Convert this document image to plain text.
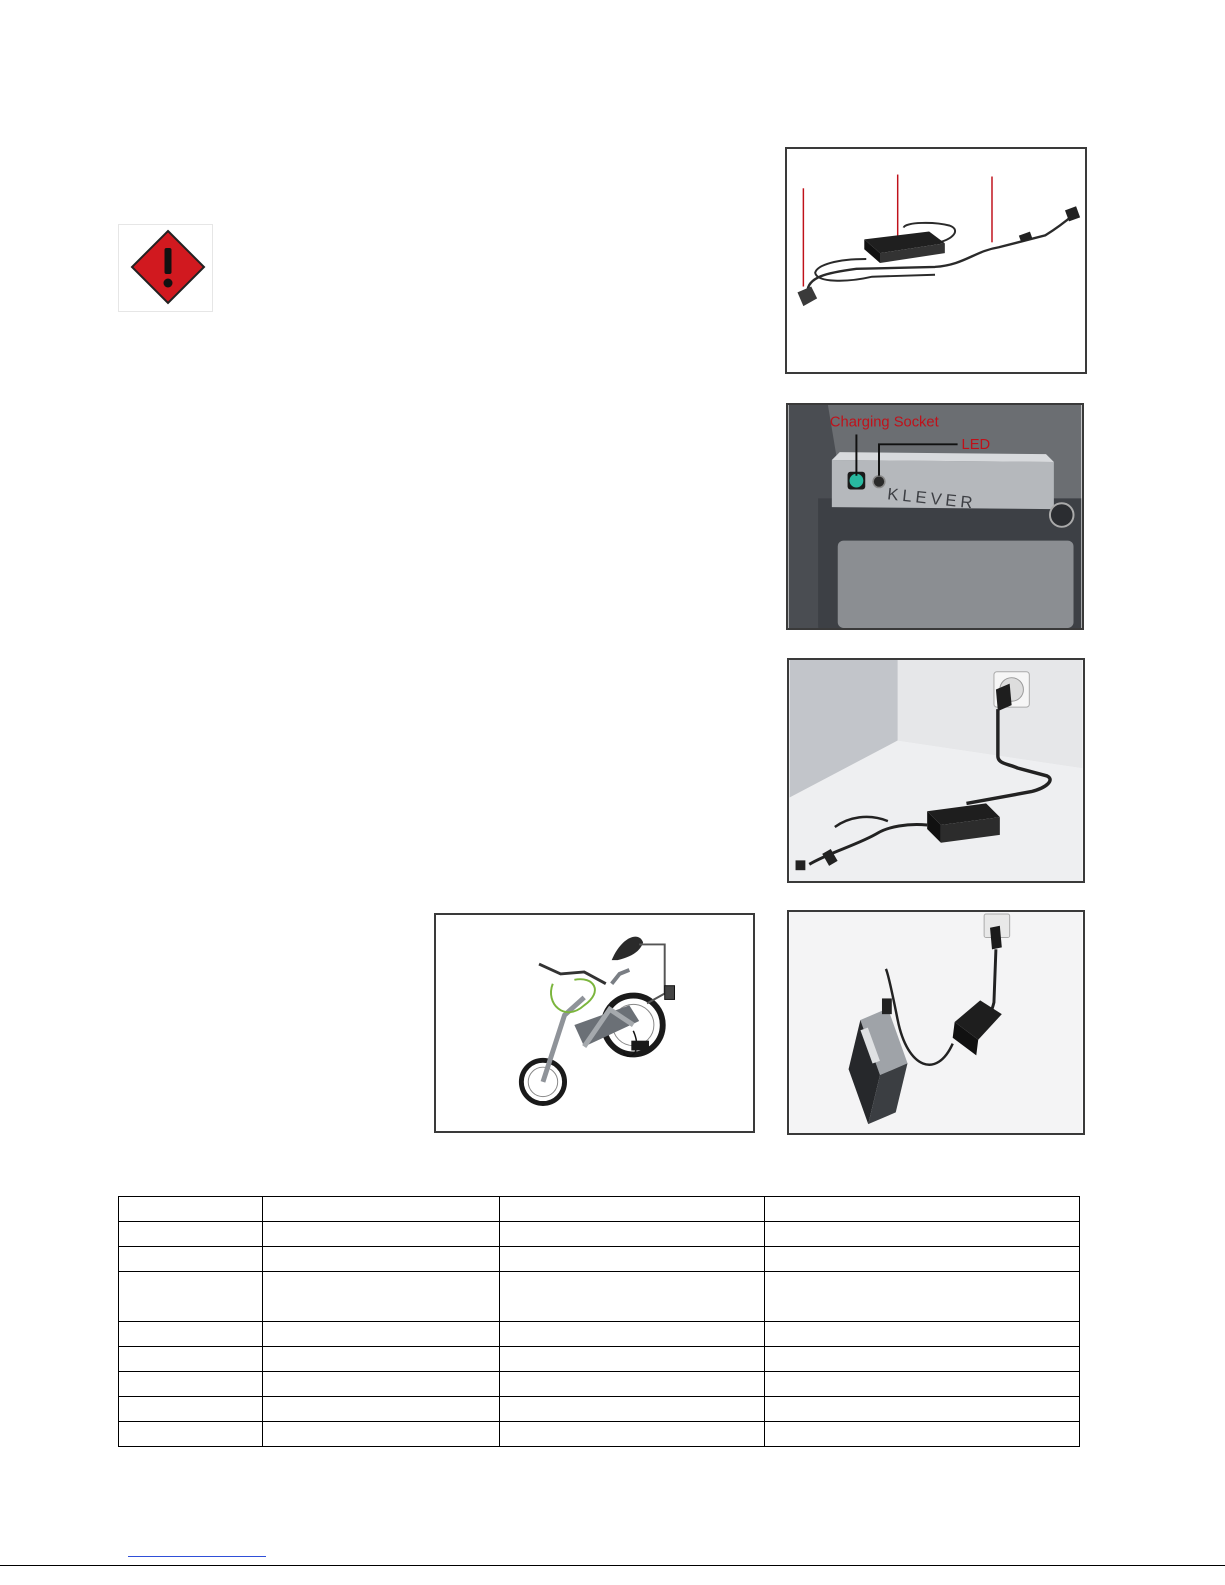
KLEVER
Charging Socket
LED
